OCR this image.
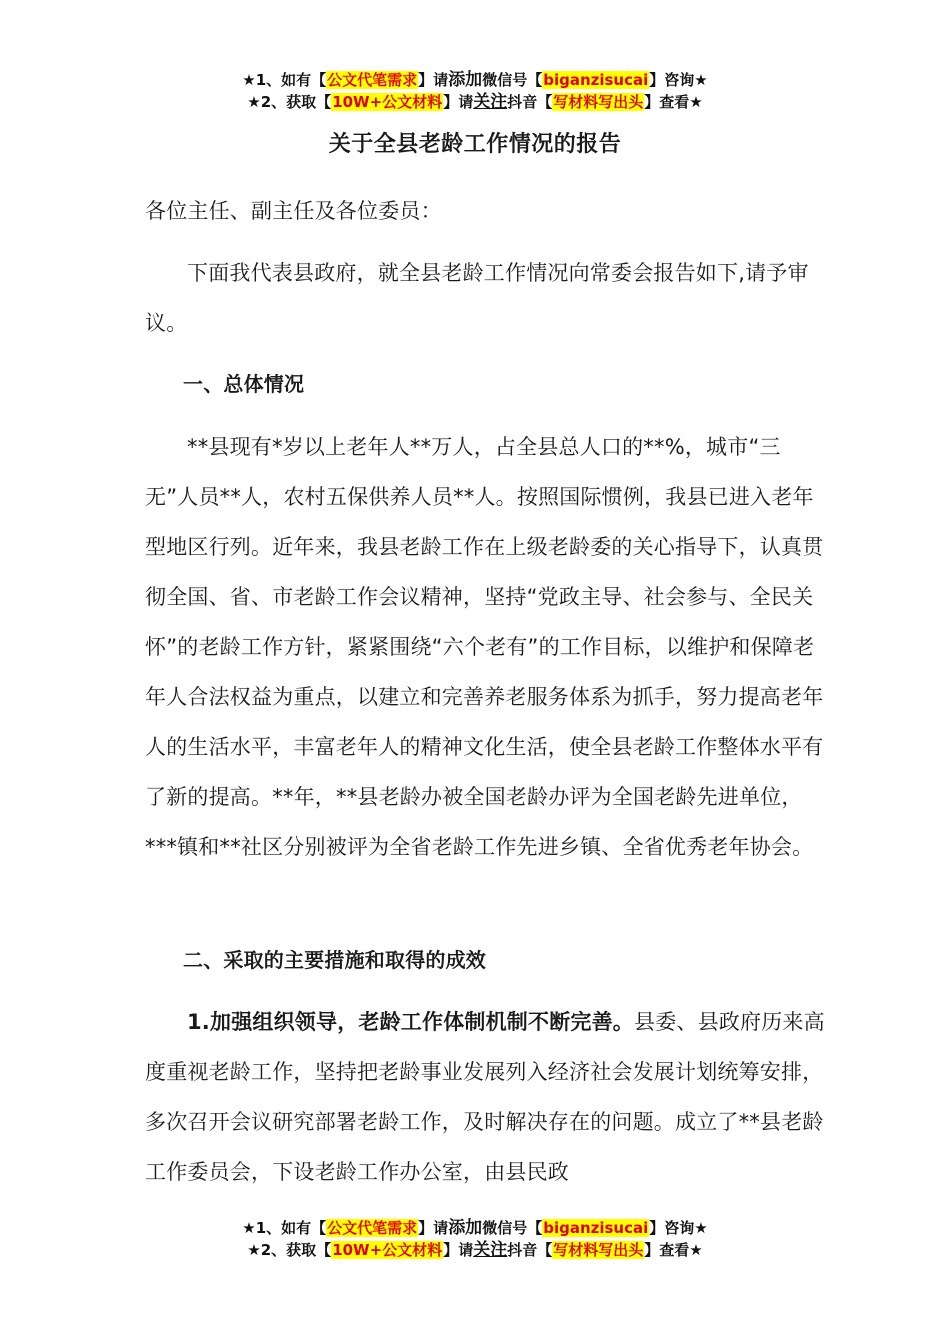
★1、如有【公文代笔需求】请添加微信号【biganzisucai】咨询★
★2、获取【10W+公文材料】请关注抖音【写材料写出头】查看★
关于全县老龄工作情况的报告
各位主任、副主任及各位委员：
下面我代表县政府，就全县老龄工作情况向常委会报告如下,请予审议。
一、总体情况
**县现有*岁以上老年人**万人，占全县总人口的**%，城市“三无”人员**人，农村五保供养人员**人。按照国际惯例，我县已进入老年型地区行列。近年来，我县老龄工作在上级老龄委的关心指导下，认真贯彻全国、省、市老龄工作会议精神，坚持“党政主导、社会参与、全民关怀”的老龄工作方针，紧紧围绕“六个老有”的工作目标，以维护和保障老年人合法权益为重点，以建立和完善养老服务体系为抓手，努力提高老年人的生活水平，丰富老年人的精神文化生活，使全县老龄工作整体水平有了新的提高。**年，**县老龄办被全国老龄办评为全国老龄先进单位，***镇和**社区分别被评为全省老龄工作先进乡镇、全省优秀老年协会。
二、采取的主要措施和取得的成效
1.加强组织领导，老龄工作体制机制不断完善。县委、县政府历来高度重视老龄工作，坚持把老龄事业发展列入经济社会发展计划统筹安排，多次召开会议研究部署老龄工作，及时解决存在的问题。成立了**县老龄工作委员会，下设老龄工作办公室，由县民政
★1、如有【公文代笔需求】请添加微信号【biganzisucai】咨询★
★2、获取【10W+公文材料】请关注抖音【写材料写出头】查看★
